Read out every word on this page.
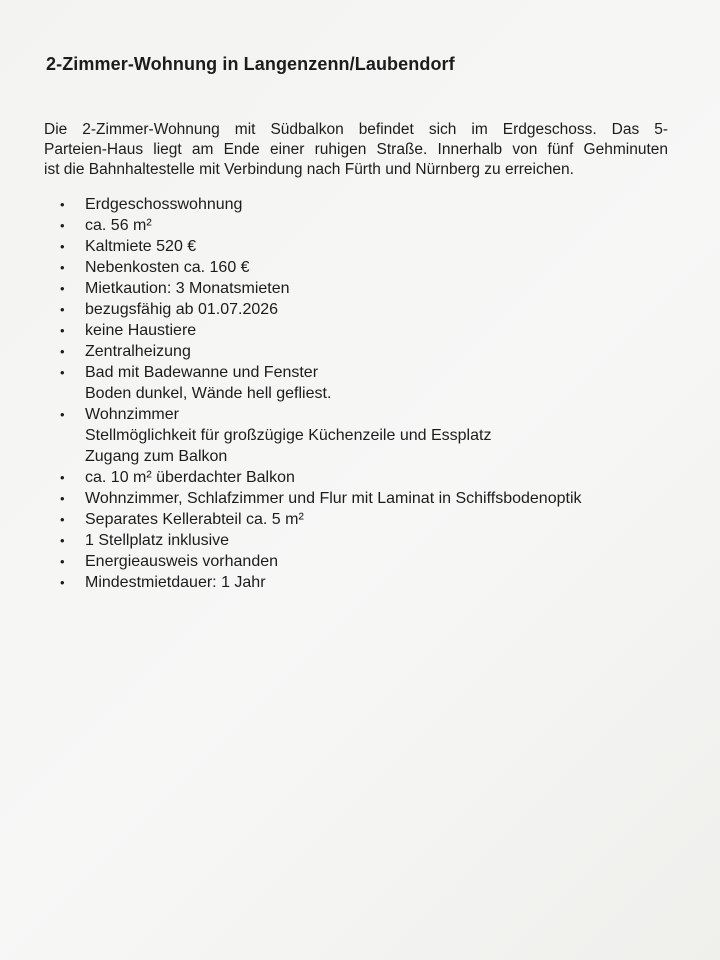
2-Zimmer-Wohnung in Langenzenn/Laubendorf
Die 2-Zimmer-Wohnung mit Südbalkon befindet sich im Erdgeschoss. Das 5-
Parteien-Haus liegt am Ende einer ruhigen Straße. Innerhalb von fünf Gehminuten
ist die Bahnhaltestelle mit Verbindung nach Fürth und Nürnberg zu erreichen.
• Erdgeschosswohnung
• ca. 56 m²
• Kaltmiete 520 €
• Nebenkosten ca. 160 €
• Mietkaution: 3 Monatsmieten
• bezugsfähig ab 01.07.2026
• keine Haustiere
• Zentralheizung
• Bad mit Badewanne und Fenster
Boden dunkel, Wände hell gefliest.
• Wohnzimmer
Stellmöglichkeit für großzügige Küchenzeile und Essplatz
Zugang zum Balkon
• ca. 10 m² überdachter Balkon
• Wohnzimmer, Schlafzimmer und Flur mit Laminat in Schiffsbodenoptik
• Separates Kellerabteil ca. 5 m²
• 1 Stellplatz inklusive
• Energieausweis vorhanden
• Mindestmietdauer: 1 Jahr
